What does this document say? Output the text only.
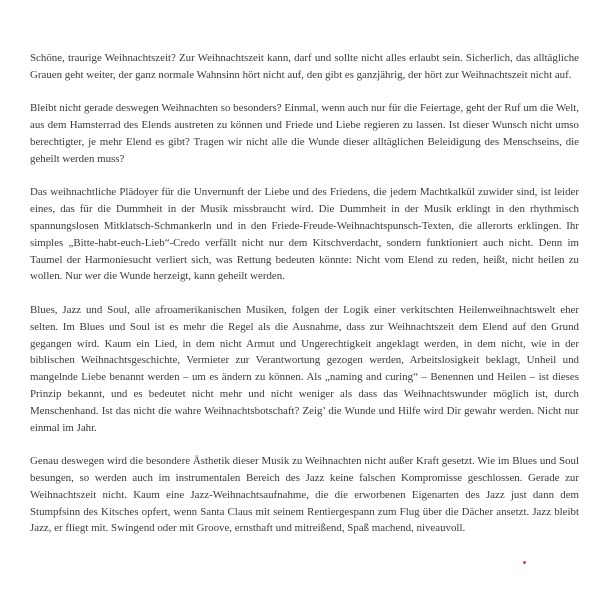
Schöne, traurige Weihnachtszeit? Zur Weihnachtszeit kann, darf und sollte nicht alles erlaubt sein. Sicherlich, das alltägliche Grauen geht weiter, der ganz normale Wahnsinn hört nicht auf, den gibt es ganzjährig, der hört zur Weihnachtszeit nicht auf.

Bleibt nicht gerade deswegen Weihnachten so besonders? Einmal, wenn auch nur für die Feiertage, geht der Ruf um die Welt, aus dem Hamsterrad des Elends austreten zu können und Friede und Liebe regieren zu lassen. Ist dieser Wunsch nicht umso berechtigter, je mehr Elend es gibt? Tragen wir nicht alle die Wunde dieser alltäglichen Beleidigung des Menschseins, die geheilt werden muss?

Das weihnachtliche Plädoyer für die Unvernunft der Liebe und des Friedens, die jedem Machtkalkül zuwider sind, ist leider eines, das für die Dummheit in der Musik missbraucht wird. Die Dummheit in der Musik erklingt in den rhythmisch spannungslosen Mitklatsch-Schmankerln und in den Friede-Freude-Weihnachtspunsch-Texten, die allerorts erklingen. Ihr simples „Bitte-habt-euch-Lieb“-Credo verfällt nicht nur dem Kitschverdacht, sondern funktioniert auch nicht. Denn im Taumel der Harmoniesucht verliert sich, was Rettung bedeuten könnte: Nicht vom Elend zu reden, heißt, nicht heilen zu wollen. Nur wer die Wunde herzeigt, kann geheilt werden.

Blues, Jazz und Soul, alle afroamerikanischen Musiken, folgen der Logik einer verkitschten Heilenweihnachtswelt eher selten. Im Blues und Soul ist es mehr die Regel als die Ausnahme, dass zur Weihnachtszeit dem Elend auf den Grund gegangen wird. Kaum ein Lied, in dem nicht Armut und Ungerechtigkeit angeklagt werden, in dem nicht, wie in der biblischen Weihnachtsgeschichte, Vermieter zur Verantwortung gezogen werden, Arbeitslosigkeit beklagt, Unheil und mangelnde Liebe benannt werden – um es ändern zu können. Als „naming and curing“ – Benennen und Heilen – ist dieses Prinzip bekannt, und es bedeutet nicht mehr und nicht weniger als dass das Weihnachtswunder möglich ist, durch Menschenhand. Ist das nicht die wahre Weihnachtsbotschaft? Zeig’ die Wunde und Hilfe wird Dir gewahr werden. Nicht nur einmal im Jahr.

Genau deswegen wird die besondere Ästhetik dieser Musik zu Weihnachten nicht außer Kraft gesetzt. Wie im Blues und Soul besungen, so werden auch im instrumentalen Bereich des Jazz keine falschen Kompromisse geschlossen. Gerade zur Weihnachtszeit nicht. Kaum eine Jazz-Weihnachtsaufnahme, die die erworbenen Eigenarten des Jazz just dann dem Stumpfsinn des Kitsches opfert, wenn Santa Claus mit seinem Rentiergespann zum Flug über die Dächer ansetzt. Jazz bleibt Jazz, er fliegt mit. Swingend oder mit Groove, ernsthaft und mitreißend, Spaß machend, niveauvoll.
